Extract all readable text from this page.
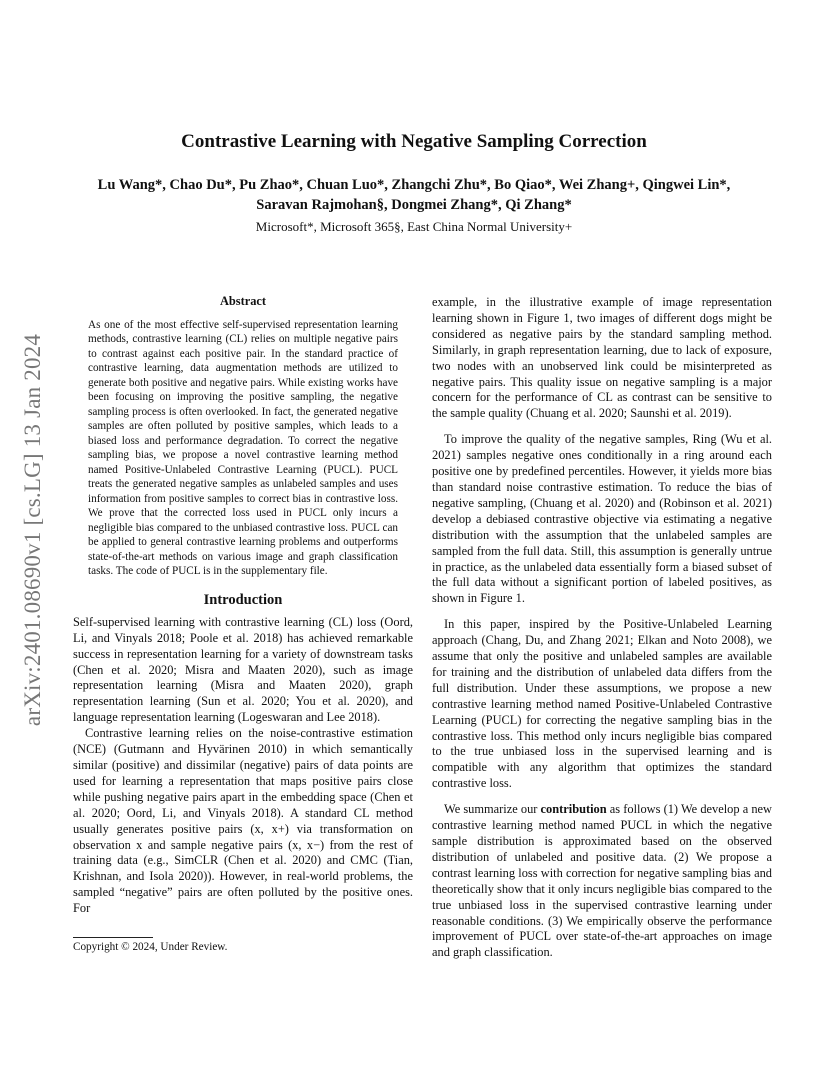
arXiv:2401.08690v1 [cs.LG] 13 Jan 2024
Contrastive Learning with Negative Sampling Correction
Lu Wang*, Chao Du*, Pu Zhao*, Chuan Luo*, Zhangchi Zhu*, Bo Qiao*, Wei Zhang+, Qingwei Lin*,
Saravan Rajmohan§, Dongmei Zhang*, Qi Zhang*
Microsoft*, Microsoft 365§, East China Normal University+
Abstract

As one of the most effective self-supervised representation learning methods, contrastive learning (CL) relies on multiple negative pairs to contrast against each positive pair. In the standard practice of contrastive learning, data augmentation methods are utilized to generate both positive and negative pairs. While existing works have been focusing on improving the positive sampling, the negative sampling process is often overlooked. In fact, the generated negative samples are often polluted by positive samples, which leads to a biased loss and performance degradation. To correct the negative sampling bias, we propose a novel contrastive learning method named Positive-Unlabeled Contrastive Learning (PUCL). PUCL treats the generated negative samples as unlabeled samples and uses information from positive samples to correct bias in contrastive loss. We prove that the corrected loss used in PUCL only incurs a negligible bias compared to the unbiased contrastive loss. PUCL can be applied to general contrastive learning problems and outperforms state-of-the-art methods on various image and graph classification tasks. The code of PUCL is in the supplementary file.

Introduction

Self-supervised learning with contrastive learning (CL) loss (Oord, Li, and Vinyals 2018; Poole et al. 2018) has achieved remarkable success in representation learning for a variety of downstream tasks (Chen et al. 2020; Misra and Maaten 2020), such as image representation learning (Misra and Maaten 2020), graph representation learning (Sun et al. 2020; You et al. 2020), and language representation learning (Logeswaran and Lee 2018).

Contrastive learning relies on the noise-contrastive estimation (NCE) (Gutmann and Hyvärinen 2010) in which semantically similar (positive) and dissimilar (negative) pairs of data points are used for learning a representation that maps positive pairs close while pushing negative pairs apart in the embedding space (Chen et al. 2020; Oord, Li, and Vinyals 2018). A standard CL method usually generates positive pairs (x, x+) via transformation on observation x and sample negative pairs (x, x−) from the rest of training data (e.g., SimCLR (Chen et al. 2020) and CMC (Tian, Krishnan, and Isola 2020)). However, in real-world problems, the sampled “negative” pairs are often polluted by the positive ones. For

Copyright © 2024, Under Review.

example, in the illustrative example of image representation learning shown in Figure 1, two images of different dogs might be considered as negative pairs by the standard sampling method. Similarly, in graph representation learning, due to lack of exposure, two nodes with an unobserved link could be misinterpreted as negative pairs. This quality issue on negative sampling is a major concern for the performance of CL as contrast can be sensitive to the sample quality (Chuang et al. 2020; Saunshi et al. 2019).

To improve the quality of the negative samples, Ring (Wu et al. 2021) samples negative ones conditionally in a ring around each positive one by predefined percentiles. However, it yields more bias than standard noise contrastive estimation. To reduce the bias of negative sampling, (Chuang et al. 2020) and (Robinson et al. 2021) develop a debiased contrastive objective via estimating a negative distribution with the assumption that the unlabeled samples are sampled from the full data. Still, this assumption is generally untrue in practice, as the unlabeled data essentially form a biased subset of the full data without a significant portion of labeled positives, as shown in Figure 1.

In this paper, inspired by the Positive-Unlabeled Learning approach (Chang, Du, and Zhang 2021; Elkan and Noto 2008), we assume that only the positive and unlabeled samples are available for training and the distribution of unlabeled data differs from the full distribution. Under these assumptions, we propose a new contrastive learning method named Positive-Unlabeled Contrastive Learning (PUCL) for correcting the negative sampling bias in the contrastive loss. This method only incurs negligible bias compared to the true unbiased loss in the supervised learning and is compatible with any algorithm that optimizes the standard contrastive loss.

We summarize our contribution as follows (1) We develop a new contrastive learning method named PUCL in which the negative sample distribution is approximated based on the observed distribution of unlabeled and positive data. (2) We propose a contrast learning loss with correction for negative sampling bias and theoretically show that it only incurs negligible bias compared to the true unbiased loss in the supervised contrastive learning under reasonable conditions. (3) We empirically observe the performance improvement of PUCL over state-of-the-art approaches on image and graph classification.
